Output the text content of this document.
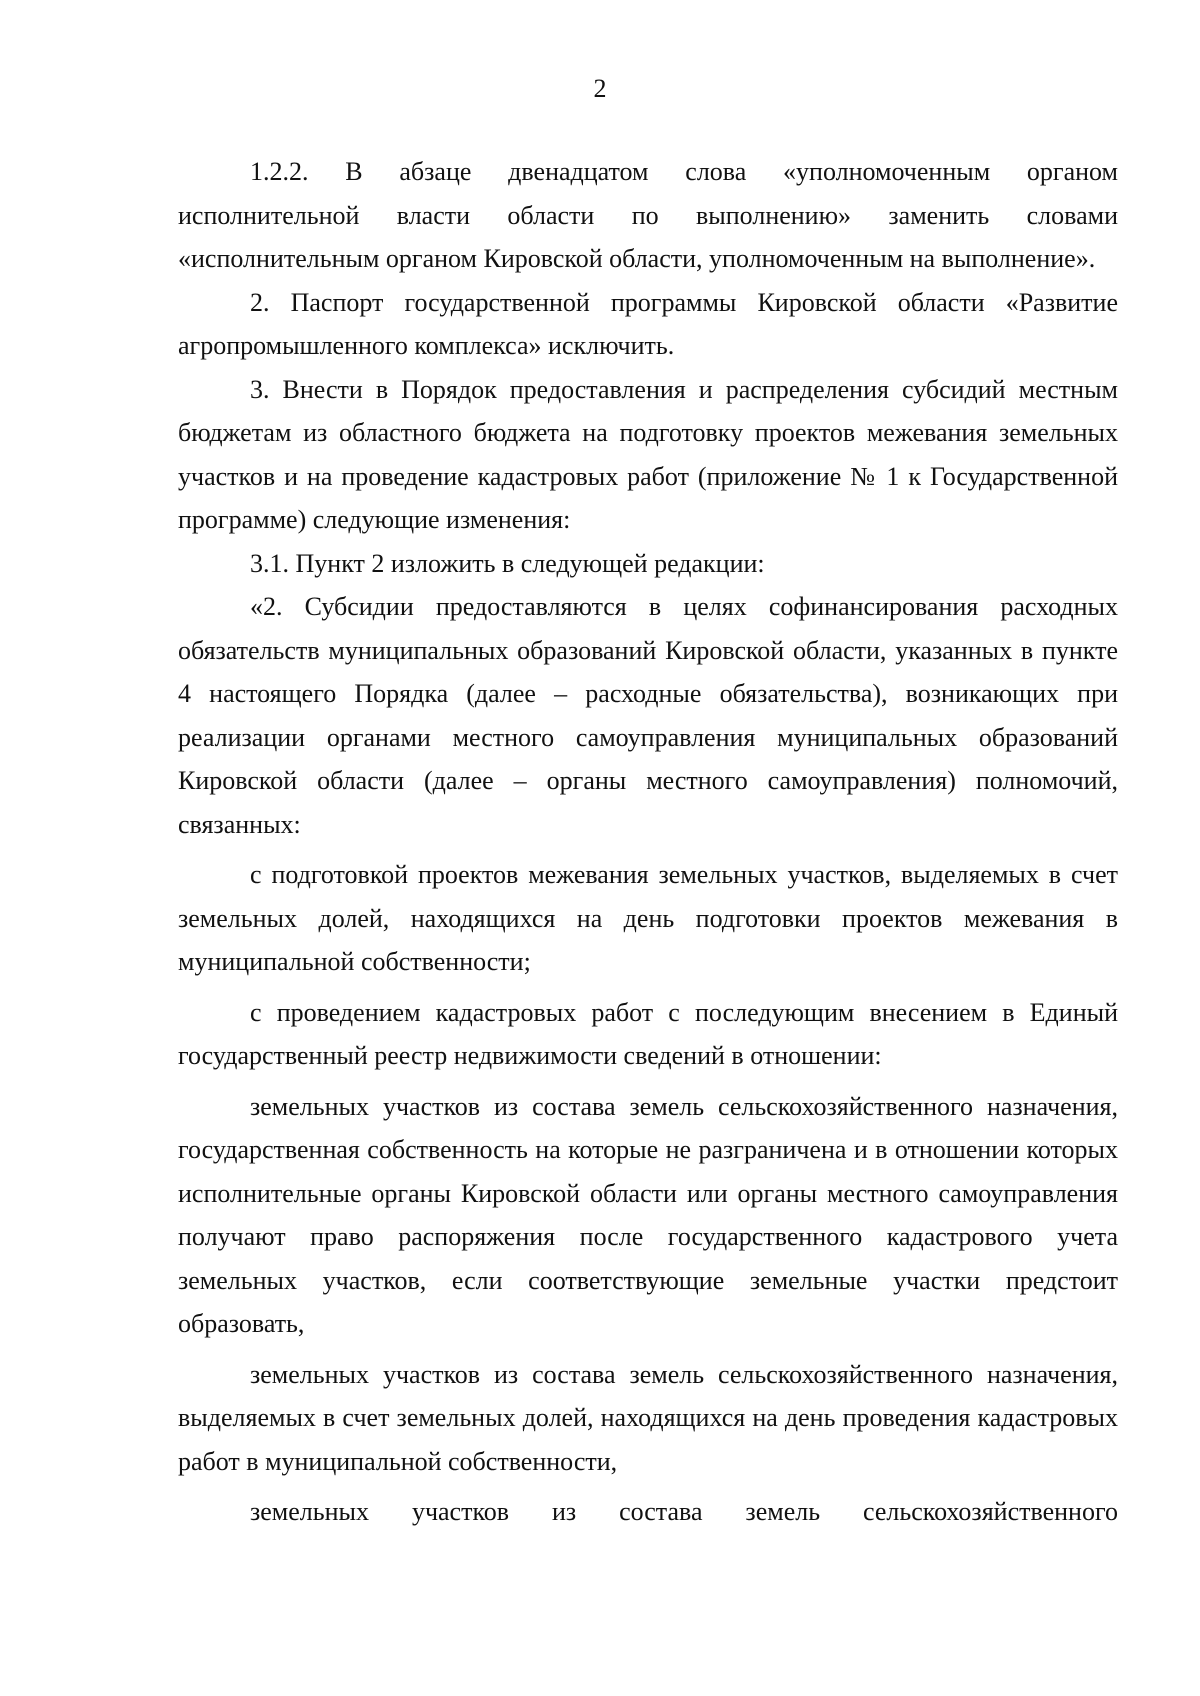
2

1.2.2. В абзаце двенадцатом слова «уполномоченным органом исполнительной власти области по выполнению» заменить словами «исполнительным органом Кировской области, уполномоченным на выполнение».

2. Паспорт государственной программы Кировской области «Развитие агропромышленного комплекса» исключить.

3. Внести в Порядок предоставления и распределения субсидий местным бюджетам из областного бюджета на подготовку проектов межевания земельных участков и на проведение кадастровых работ (приложение № 1 к Государственной программе) следующие изменения:

3.1. Пункт 2 изложить в следующей редакции:

«2. Субсидии предоставляются в целях софинансирования расходных обязательств муниципальных образований Кировской области, указанных в пункте 4 настоящего Порядка (далее – расходные обязательства), возникающих при реализации органами местного самоуправления муниципальных образований Кировской области (далее – органы местного самоуправления) полномочий, связанных:

с подготовкой проектов межевания земельных участков, выделяемых в счет земельных долей, находящихся на день подготовки проектов межевания в муниципальной собственности;

с проведением кадастровых работ с последующим внесением в Единый государственный реестр недвижимости сведений в отношении:

земельных участков из состава земель сельскохозяйственного назначения, государственная собственность на которые не разграничена и в отношении которых исполнительные органы Кировской области или органы местного самоуправления получают право распоряжения после государственного кадастрового учета земельных участков, если соответствующие земельные участки предстоит образовать,

земельных участков из состава земель сельскохозяйственного назначения, выделяемых в счет земельных долей, находящихся на день проведения кадастровых работ в муниципальной собственности,

земельных участков из состава земель сельскохозяйственного
